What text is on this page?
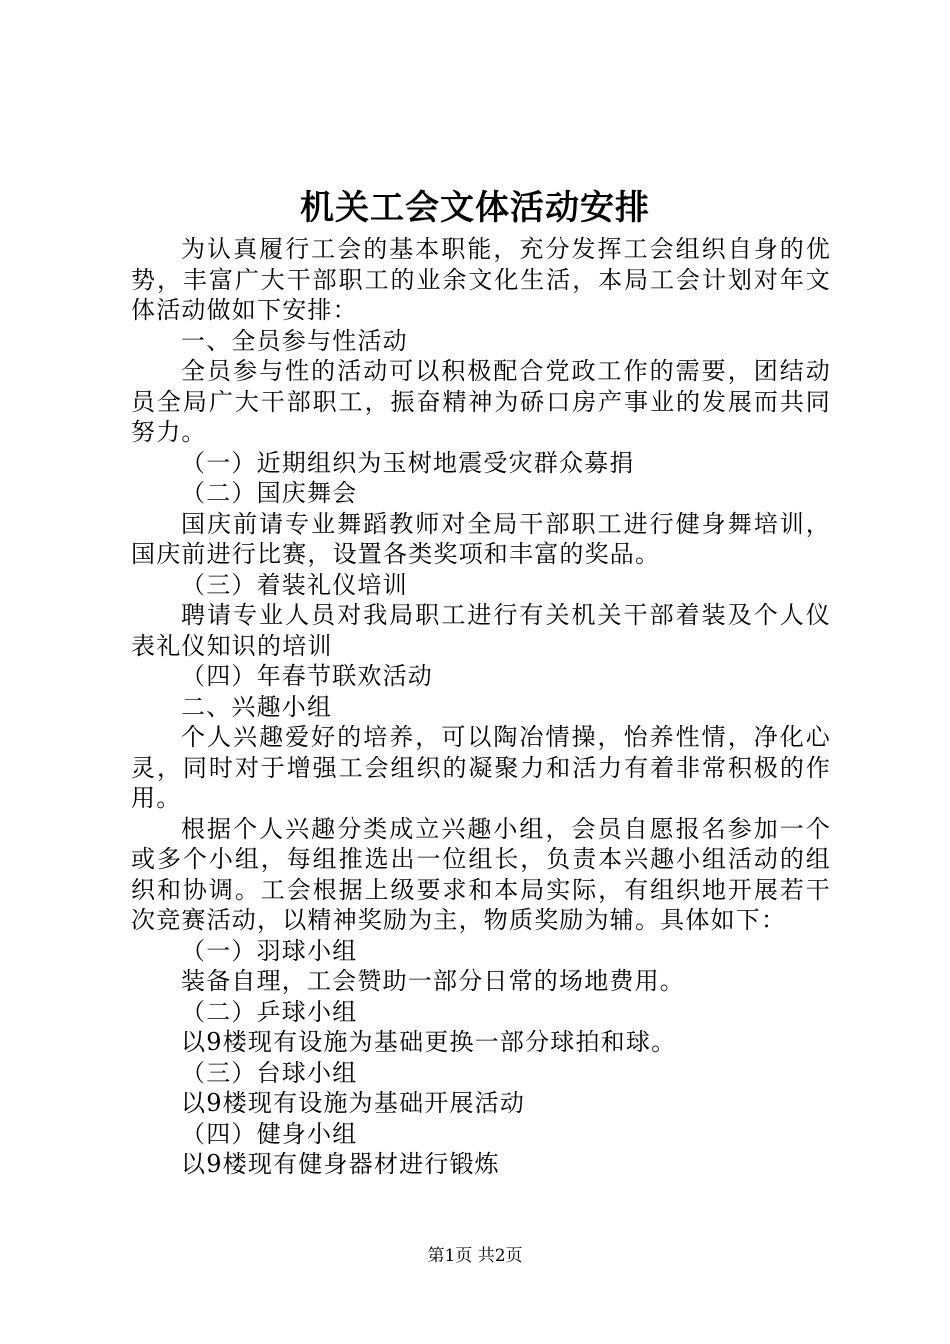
机关工会文体活动安排

为认真履行工会的基本职能，充分发挥工会组织自身的优势，丰富广大干部职工的业余文化生活，本局工会计划对年文体活动做如下安排：

一、全员参与性活动

全员参与性的活动可以积极配合党政工作的需要，团结动员全局广大干部职工，振奋精神为硚口房产事业的发展而共同努力。

（一）近期组织为玉树地震受灾群众募捐

（二）国庆舞会

国庆前请专业舞蹈教师对全局干部职工进行健身舞培训，国庆前进行比赛，设置各类奖项和丰富的奖品。

（三）着装礼仪培训

聘请专业人员对我局职工进行有关机关干部着装及个人仪表礼仪知识的培训

（四）年春节联欢活动

二、兴趣小组

个人兴趣爱好的培养，可以陶冶情操，怡养性情，净化心灵，同时对于增强工会组织的凝聚力和活力有着非常积极的作用。

根据个人兴趣分类成立兴趣小组，会员自愿报名参加一个或多个小组，每组推选出一位组长，负责本兴趣小组活动的组织和协调。工会根据上级要求和本局实际，有组织地开展若干次竞赛活动，以精神奖励为主，物质奖励为辅。具体如下：

（一）羽球小组

装备自理，工会赞助一部分日常的场地费用。

（二）乒球小组

以9楼现有设施为基础更换一部分球拍和球。

（三）台球小组

以9楼现有设施为基础开展活动

（四）健身小组

以9楼现有健身器材进行锻炼

第1页 共2页
